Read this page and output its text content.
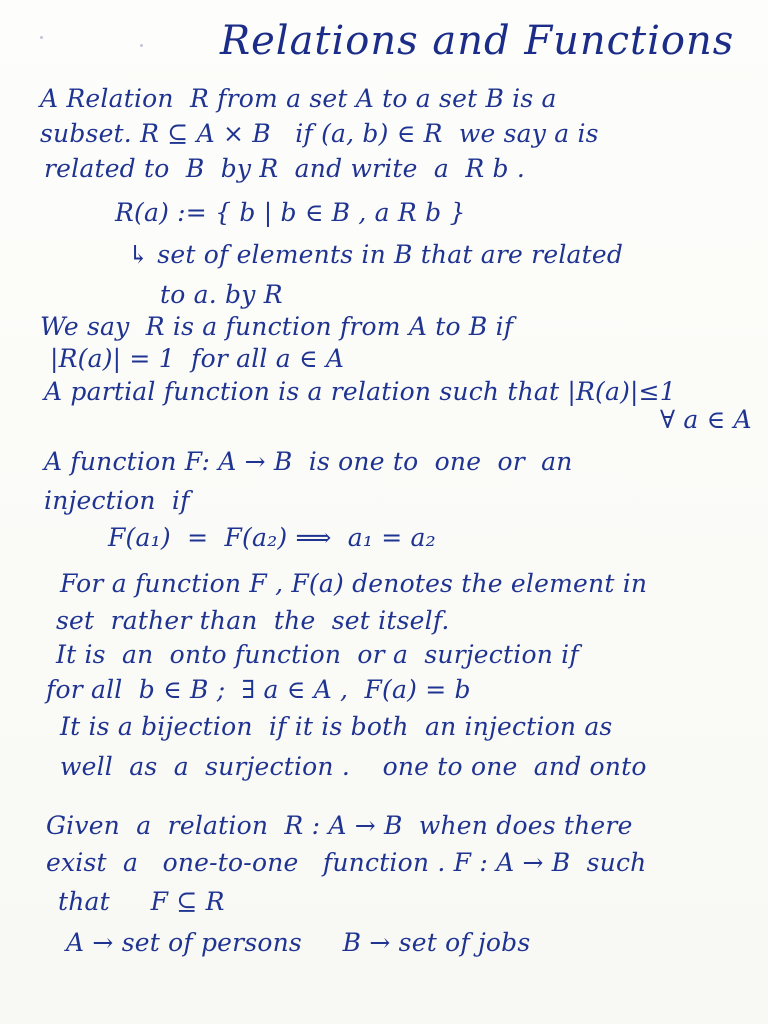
Relations and Functions
A Relation  R from a set A to a set B is a
subset. R ⊆ A × B   if (a, b) ∈ R  we say a is
related to  B  by R  and write  a  R b .
R(a) := { b | b ∈ B , a R b }
↳ set of elements in B that are related
to a. by R
We say  R is a function from A to B if
|R(a)| = 1  for all a ∈ A
A partial function is a relation such that |R(a)|≤1
∀ a ∈ A
A function F: A → B  is one to  one  or  an
injection  if
F(a₁)  =  F(a₂) ⟹  a₁ = a₂
For a function F , F(a) denotes the element in
set  rather than  the  set itself.
It is  an  onto function  or a  surjection if
for all  b ∈ B ;  ∃ a ∈ A ,  F(a) = b
It is a bijection  if it is both  an injection as
well  as  a  surjection .    one to one  and onto
Given  a  relation  R : A → B  when does there
exist  a   one-to-one   function . F : A → B  such
that     F ⊆ R
A → set of persons     B → set of jobs
